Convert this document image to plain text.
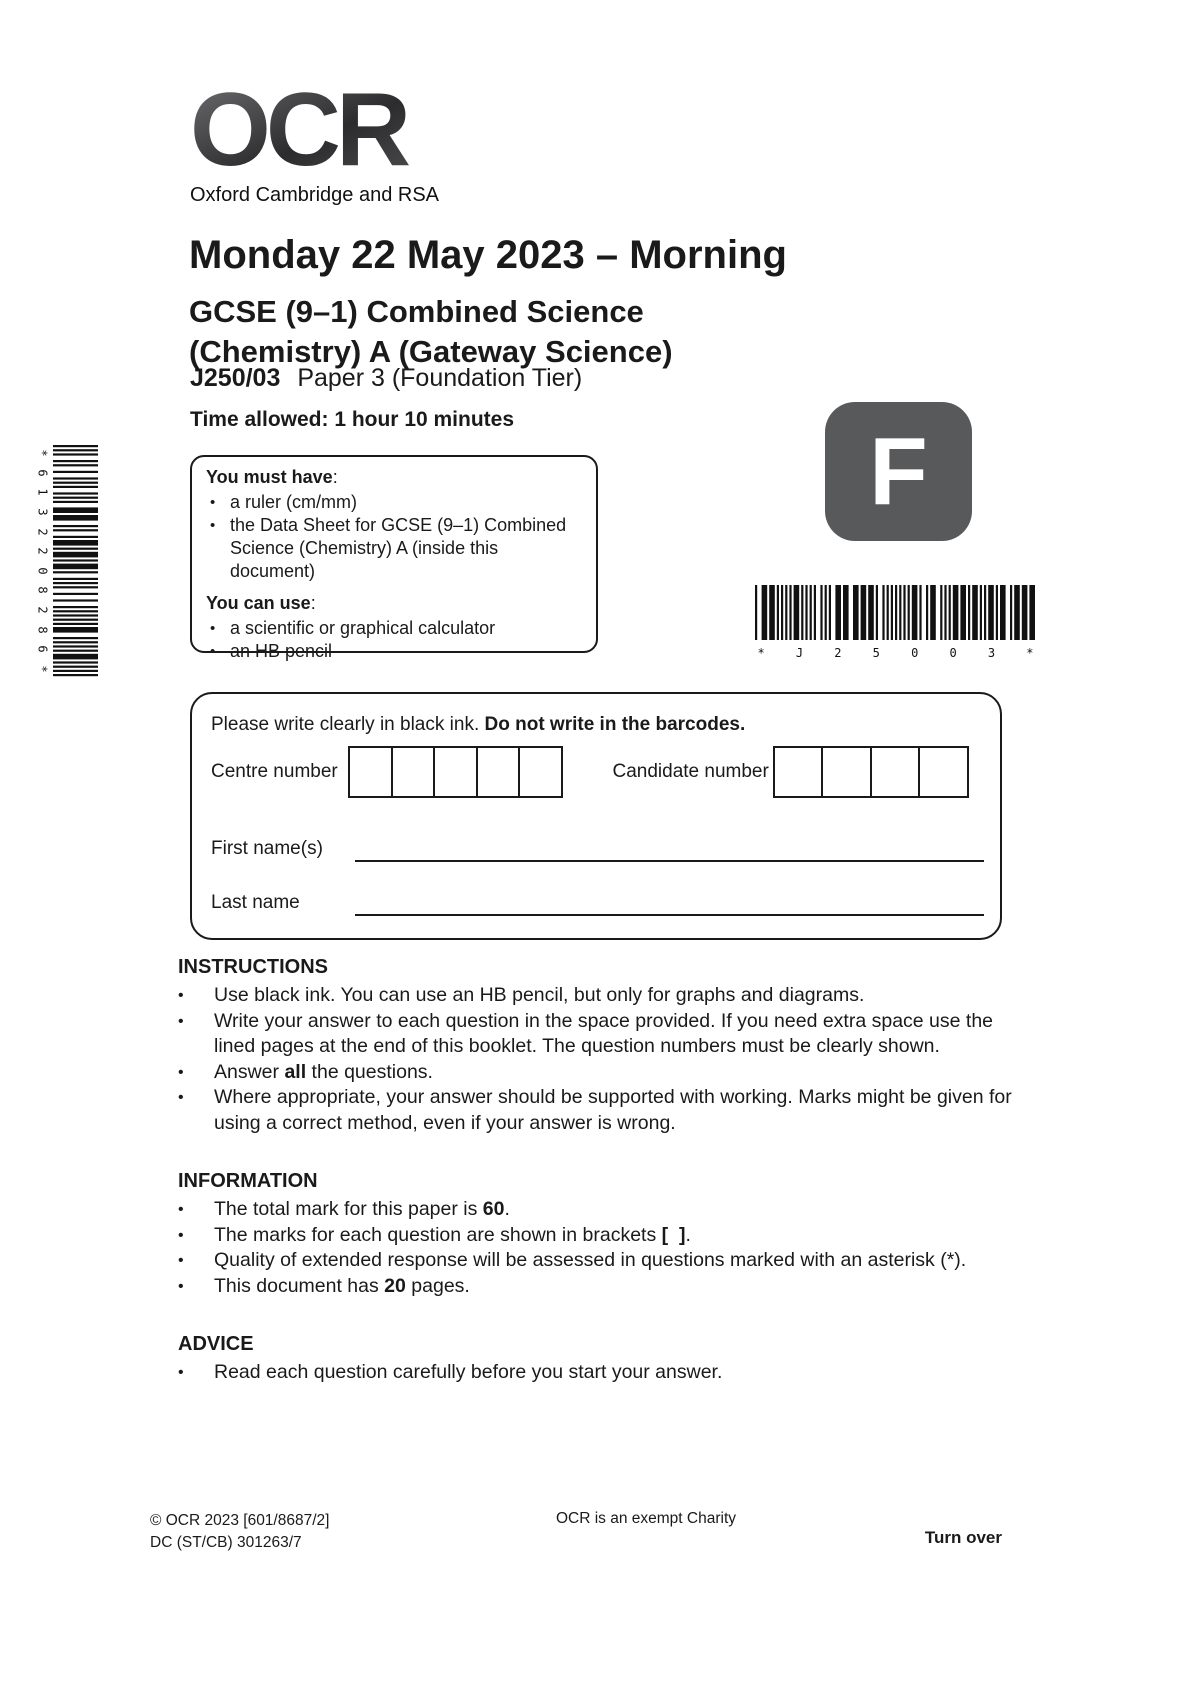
*
6
1
3
2
2
0
8
2
8
6
*
OCR
Oxford Cambridge and RSA
Monday 22 May 2023 – Morning
GCSE (9–1) Combined Science
(Chemistry) A (Gateway Science)
J250/03 Paper 3 (Foundation Tier)
Time allowed: 1 hour 10 minutes
You must have:
• a ruler (cm/mm)
• the Data Sheet for GCSE (9–1) Combined Science (Chemistry) A (inside this document)
You can use:
• a scientific or graphical calculator
• an HB pencil
F
*	J	2	5	0	0	3	*
Please write clearly in black ink. Do not write in the barcodes.
Centre number	Candidate number
First name(s)
Last name
INSTRUCTIONS
•	Use black ink. You can use an HB pencil, but only for graphs and diagrams.
•	Write your answer to each question in the space provided. If you need extra space use the lined pages at the end of this booklet. The question numbers must be clearly shown.
•	Answer all the questions.
•	Where appropriate, your answer should be supported with working. Marks might be given for using a correct method, even if your answer is wrong.
INFORMATION
•	The total mark for this paper is 60.
•	The marks for each question are shown in brackets [  ].
•	Quality of extended response will be assessed in questions marked with an asterisk (*).
•	This document has 20 pages.
ADVICE
•	Read each question carefully before you start your answer.
© OCR 2023 [601/8687/2]
DC (ST/CB) 301263/7
OCR is an exempt Charity
Turn over
